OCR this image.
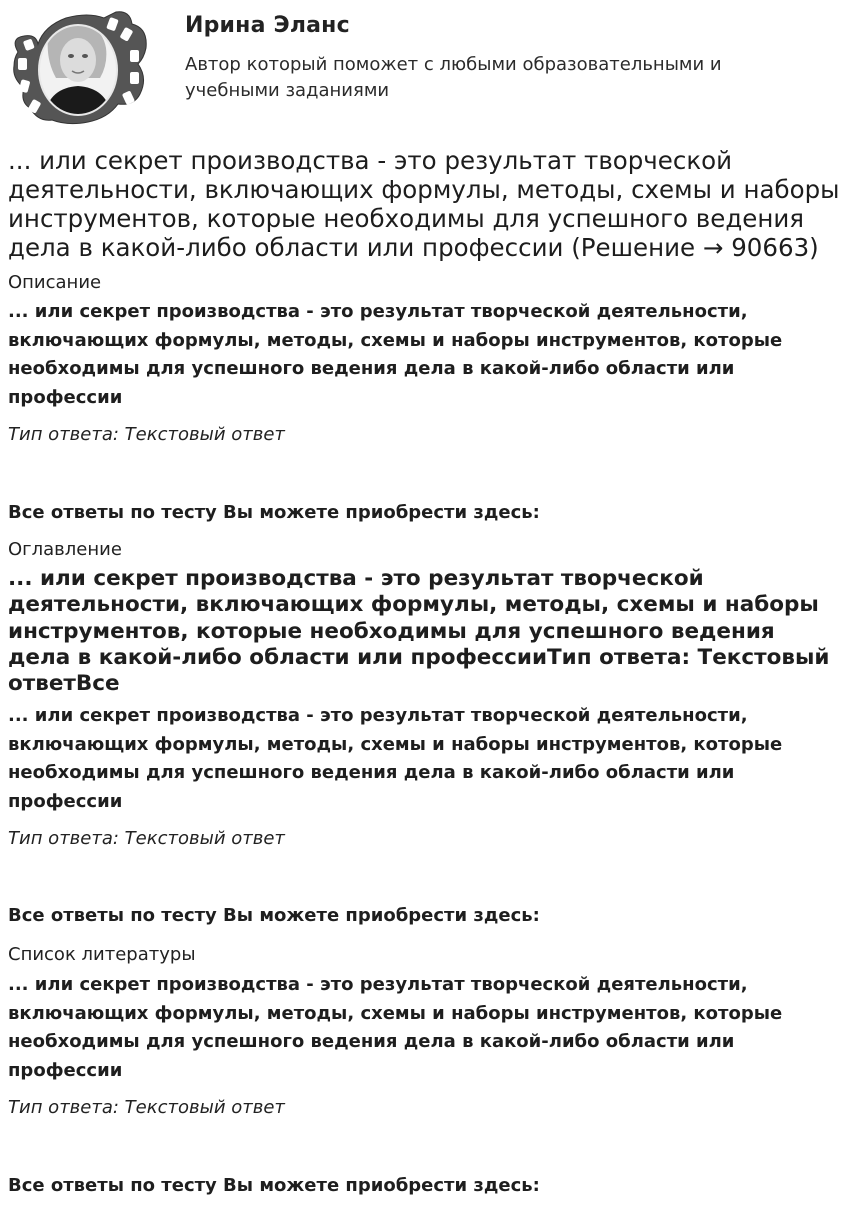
Ирина Эланс
Автор который поможет с любыми образовательными и учебными заданиями
... или секрет производства - это результат творческой деятельности, включающих формулы, методы, схемы и наборы инструментов, которые необходимы для успешного ведения дела в какой-либо области или профессии (Решение → 90663)
Описание
... или секрет производства - это результат творческой деятельности, включающих формулы, методы, схемы и наборы инструментов, которые необходимы для успешного ведения дела в какой-либо области или профессии
Тип ответа: Текстовый ответ
Все ответы по тесту Вы можете приобрести здесь:
Оглавление
... или секрет производства - это результат творческой деятельности, включающих формулы, методы, схемы и наборы инструментов, которые необходимы для успешного ведения дела в какой-либо области или профессииТип ответа: Текстовый ответВсе
... или секрет производства - это результат творческой деятельности, включающих формулы, методы, схемы и наборы инструментов, которые необходимы для успешного ведения дела в какой-либо области или профессии
Тип ответа: Текстовый ответ
Все ответы по тесту Вы можете приобрести здесь:
Список литературы
... или секрет производства - это результат творческой деятельности, включающих формулы, методы, схемы и наборы инструментов, которые необходимы для успешного ведения дела в какой-либо области или профессии
Тип ответа: Текстовый ответ
Все ответы по тесту Вы можете приобрести здесь:
